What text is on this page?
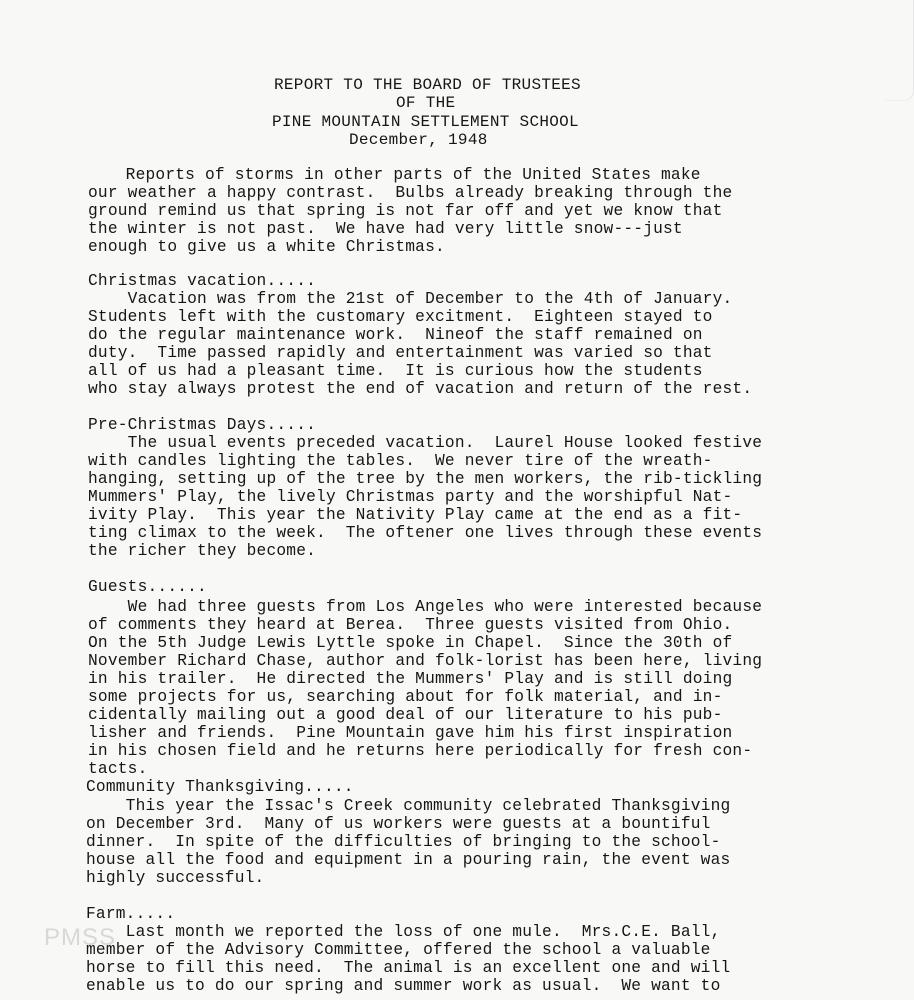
REPORT TO THE BOARD OF TRUSTEES
OF THE
PINE MOUNTAIN SETTLEMENT SCHOOL
December, 1948
Reports of storms in other parts of the United States make
our weather a happy contrast.  Bulbs already breaking through the
ground remind us that spring is not far off and yet we know that
the winter is not past.  We have had very little snow---just
enough to give us a white Christmas.
Christmas vacation.....
Vacation was from the 21st of December to the 4th of January.
Students left with the customary excitment.  Eighteen stayed to
do the regular maintenance work.  Nineof the staff remained on
duty.  Time passed rapidly and entertainment was varied so that
all of us had a pleasant time.  It is curious how the students
who stay always protest the end of vacation and return of the rest.
Pre-Christmas Days.....
The usual events preceded vacation.  Laurel House looked festive
with candles lighting the tables.  We never tire of the wreath-
hanging, setting up of the tree by the men workers, the rib-tickling
Mummers' Play, the lively Christmas party and the worshipful Nat-
ivity Play.  This year the Nativity Play came at the end as a fit-
ting climax to the week.  The oftener one lives through these events
the richer they become.
Guests......
We had three guests from Los Angeles who were interested because
of comments they heard at Berea.  Three guests visited from Ohio.
On the 5th Judge Lewis Lyttle spoke in Chapel.  Since the 30th of
November Richard Chase, author and folk-lorist has been here, living
in his trailer.  He directed the Mummers' Play and is still doing
some projects for us, searching about for folk material, and in-
cidentally mailing out a good deal of our literature to his pub-
lisher and friends.  Pine Mountain gave him his first inspiration
in his chosen field and he returns here periodically for fresh con-
tacts.
Community Thanksgiving.....
This year the Issac's Creek community celebrated Thanksgiving
on December 3rd.  Many of us workers were guests at a bountiful
dinner.  In spite of the difficulties of bringing to the school-
house all the food and equipment in a pouring rain, the event was
highly successful.
Farm.....
Last month we reported the loss of one mule.  Mrs.C.E. Ball,
member of the Advisory Committee, offered the school a valuable
horse to fill this need.  The animal is an excellent one and will
enable us to do our spring and summer work as usual.  We want to
PMSS
